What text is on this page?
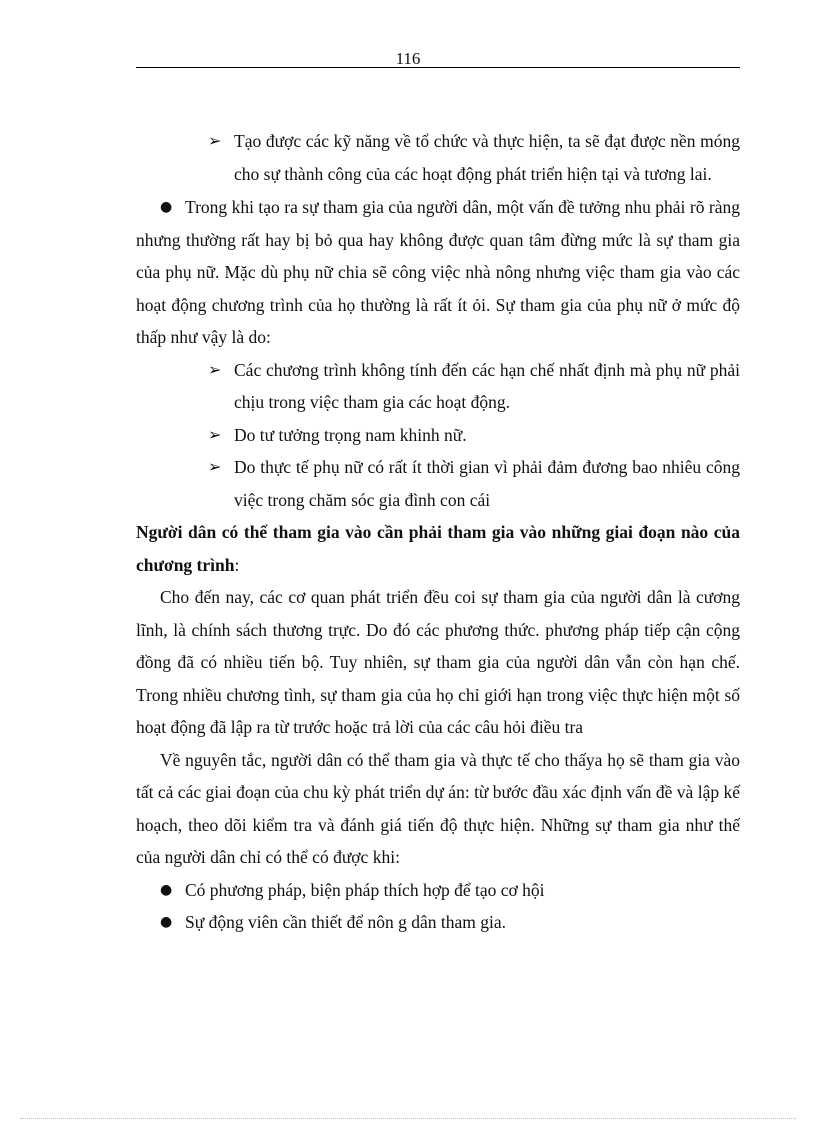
116

➢ Tạo được các kỹ năng về tổ chức và thực hiện, ta sẽ đạt được nền móng cho sự thành công của các hoạt động phát triển hiện tại và tương lai.

● Trong khi tạo ra sự tham gia của người dân, một vấn đề tưởng nhu phải rõ ràng nhưng thường rất hay bị bỏ qua hay không được quan tâm đừng mức là sự tham gia của phụ nữ. Mặc dù phụ nữ chia sẽ công việc nhà nông nhưng việc tham gia vào các hoạt động chương trình của họ thường là rất ít ỏi. Sự tham gia của phụ nữ ở mức độ thấp như vậy là do:

➢ Các chương trình không tính đến các hạn chế nhất định mà phụ nữ phải chịu trong việc tham gia các hoạt động.

➢ Do tư tưởng trọng nam khinh nữ.

➢ Do thực tế phụ nữ có rất ít thời gian vì phải đảm đương bao nhiêu công việc trong chăm sóc gia đình con cái

Người dân có thể tham gia vào cần phải tham gia vào những giai đoạn nào của chương trình:

Cho đến nay, các cơ quan phát triển đều coi sự tham gia của người dân là cương lĩnh, là chính sách thương trực. Do đó các phương thức. phương pháp tiếp cận cộng đồng đã có nhiều tiến bộ. Tuy nhiên, sự tham gia của người dân vẫn còn hạn chế. Trong nhiều chương tình, sự tham gia của họ chỉ giới hạn trong việc thực hiện một số hoạt động đã lập ra từ trước hoặc trả lời của các câu hỏi điều tra

Về nguyên tắc, người dân có thể tham gia và thực tế cho thấya họ sẽ tham gia vào tất cả các giai đoạn của chu kỳ phát triển dự án: từ bước đầu xác định vấn đề và lập kế hoạch, theo dõi kiểm tra và đánh giá tiến độ thực hiện. Những sự tham gia như thế của người dân chỉ có thể có được khi:

● Có phương pháp, biện pháp thích hợp để tạo cơ hội

● Sự động viên cần thiết để nôn g dân tham gia.
